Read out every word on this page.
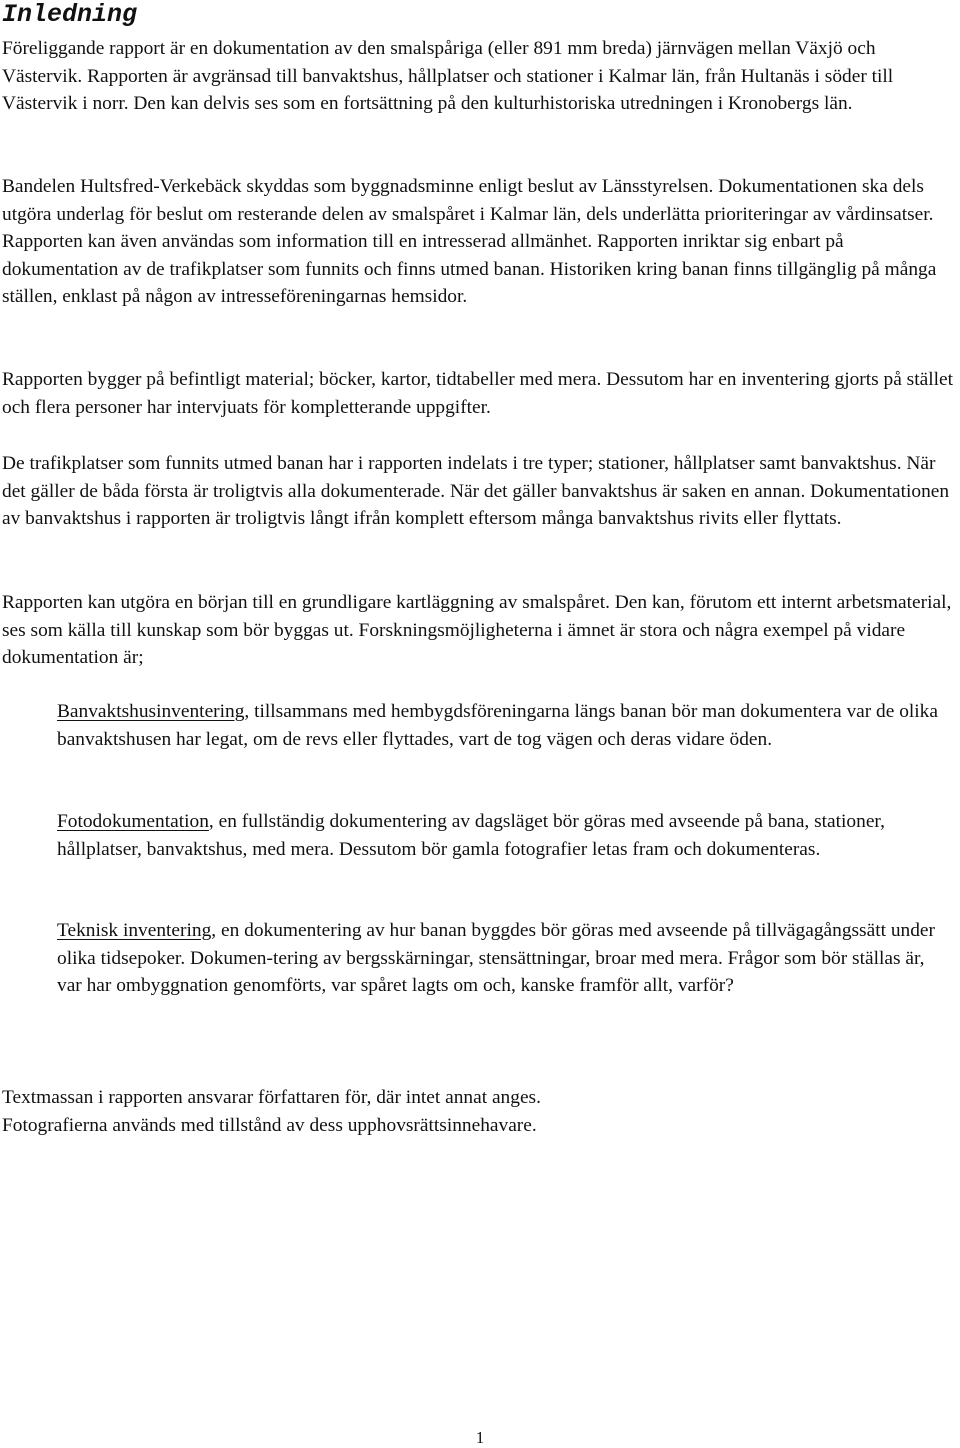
Inledning

Föreliggande rapport är en dokumentation av den smalspåriga (eller 891 mm breda) järnvägen mellan Växjö och Västervik. Rapporten är avgränsad till banvaktshus, hållplatser och stationer i Kalmar län, från Hultanäs i söder till Västervik i norr. Den kan delvis ses som en fortsättning på den kulturhistoriska utredningen i Kronobergs län.

Bandelen Hultsfred-Verkebäck skyddas som byggnadsminne enligt beslut av Länsstyrelsen. Dokumentationen ska dels utgöra underlag för beslut om resterande delen av smalspåret i Kalmar län, dels underlätta prioriteringar av vårdinsatser. Rapporten kan även användas som information till en intresserad allmänhet. Rapporten inriktar sig enbart på dokumentation av de trafikplatser som funnits och finns utmed banan. Historiken kring banan finns tillgänglig på många ställen, enklast på någon av intresseföreningarnas hemsidor.

Rapporten bygger på befintligt material; böcker, kartor, tidtabeller med mera. Dessutom har en inventering gjorts på stället och flera personer har intervjuats för kompletterande uppgifter.

De trafikplatser som funnits utmed banan har i rapporten indelats i tre typer; stationer, hållplatser samt banvaktshus. När det gäller de båda första är troligtvis alla dokumenterade. När det gäller banvaktshus är saken en annan. Dokumentationen av banvaktshus i rapporten är troligtvis långt ifrån komplett eftersom många banvaktshus rivits eller flyttats.

Rapporten kan utgöra en början till en grundligare kartläggning av smalspåret. Den kan, förutom ett internt arbetsmaterial, ses som källa till kunskap som bör byggas ut. Forskningsmöjligheterna i ämnet är stora och några exempel på vidare dokumentation är;

Banvaktshusinventering, tillsammans med hembygdsföreningarna längs banan bör man dokumentera var de olika banvaktshusen har legat, om de revs eller flyttades, vart de tog vägen och deras vidare öden.

Fotodokumentation, en fullständig dokumentering av dagsläget bör göras med avseende på bana, stationer, hållplatser, banvaktshus, med mera. Dessutom bör gamla fotografier letas fram och dokumenteras.

Teknisk inventering, en dokumentering av hur banan byggdes bör göras med avseende på tillvägagångssätt under olika tidsepoker. Dokumen-tering av bergsskärningar, stensättningar, broar med mera. Frågor som bör ställas är, var har ombyggnation genomförts, var spåret lagts om och, kanske framför allt, varför?

Textmassan i rapporten ansvarar författaren för, där intet annat anges.
Fotografierna används med tillstånd av dess upphovsrättsinnehavare.
1
